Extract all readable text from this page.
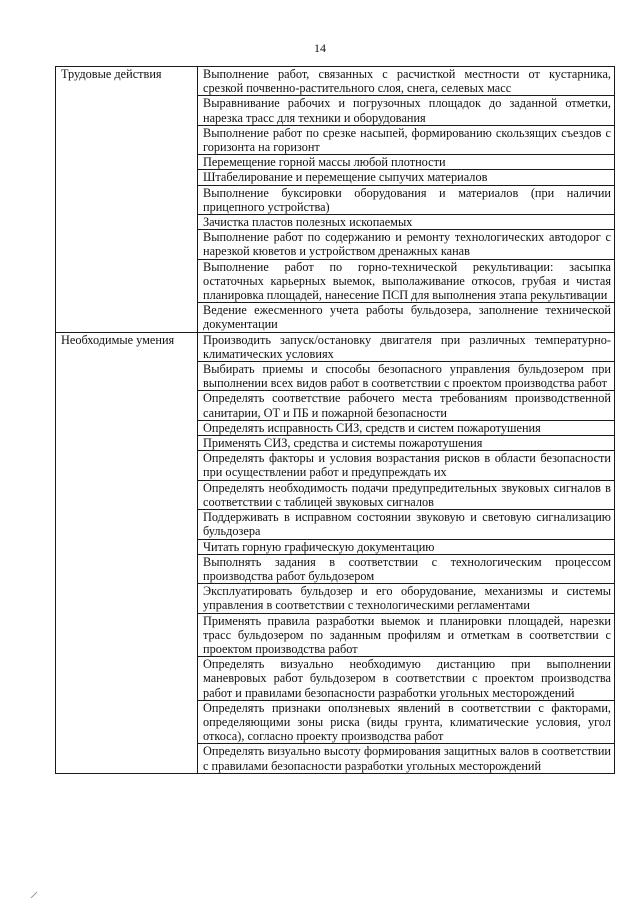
14
Трудовые действия	Выполнение работ, связанных с расчисткой местности от кустарника, срезкой почвенно-растительного слоя, снега, селевых масс
	Выравнивание рабочих и погрузочных площадок до заданной отметки, нарезка трасс для техники и оборудования
	Выполнение работ по срезке насыпей, формированию скользящих съездов с горизонта на горизонт
	Перемещение горной массы любой плотности
	Штабелирование и перемещение сыпучих материалов
	Выполнение буксировки оборудования и материалов (при наличии прицепного устройства)
	Зачистка пластов полезных ископаемых
	Выполнение работ по содержанию и ремонту технологических автодорог с нарезкой кюветов и устройством дренажных канав
	Выполнение работ по горно-технической рекультивации: засыпка остаточных карьерных выемок, выполаживание откосов, грубая и чистая планировка площадей, нанесение ПСП для выполнения этапа рекультивации
	Ведение ежесменного учета работы бульдозера, заполнение технической документации
Необходимые умения	Производить запуск/остановку двигателя при различных температурно-климатических условиях
	Выбирать приемы и способы безопасного управления бульдозером при выполнении всех видов работ в соответствии с проектом производства работ
	Определять соответствие рабочего места требованиям производственной санитарии, ОТ и ПБ и пожарной безопасности
	Определять исправность СИЗ, средств и систем пожаротушения
	Применять СИЗ, средства и системы пожаротушения
	Определять факторы и условия возрастания рисков в области безопасности при осуществлении работ и предупреждать их
	Определять необходимость подачи предупредительных звуковых сигналов в соответствии с таблицей звуковых сигналов
	Поддерживать в исправном состоянии звуковую и световую сигнализацию бульдозера
	Читать горную графическую документацию
	Выполнять задания в соответствии с технологическим процессом производства работ бульдозером
	Эксплуатировать бульдозер и его оборудование, механизмы и системы управления в соответствии с технологическими регламентами
	Применять правила разработки выемок и планировки площадей, нарезки трасс бульдозером по заданным профилям и отметкам в соответствии с проектом производства работ
	Определять визуально необходимую дистанцию при выполнении маневровых работ бульдозером в соответствии с проектом производства работ и правилами безопасности разработки угольных месторождений
	Определять признаки оползневых явлений в соответствии с факторами, определяющими зоны риска (виды грунта, климатические условия, угол откоса), согласно проекту производства работ
	Определять визуально высоту формирования защитных валов в соответствии с правилами безопасности разработки угольных месторождений
